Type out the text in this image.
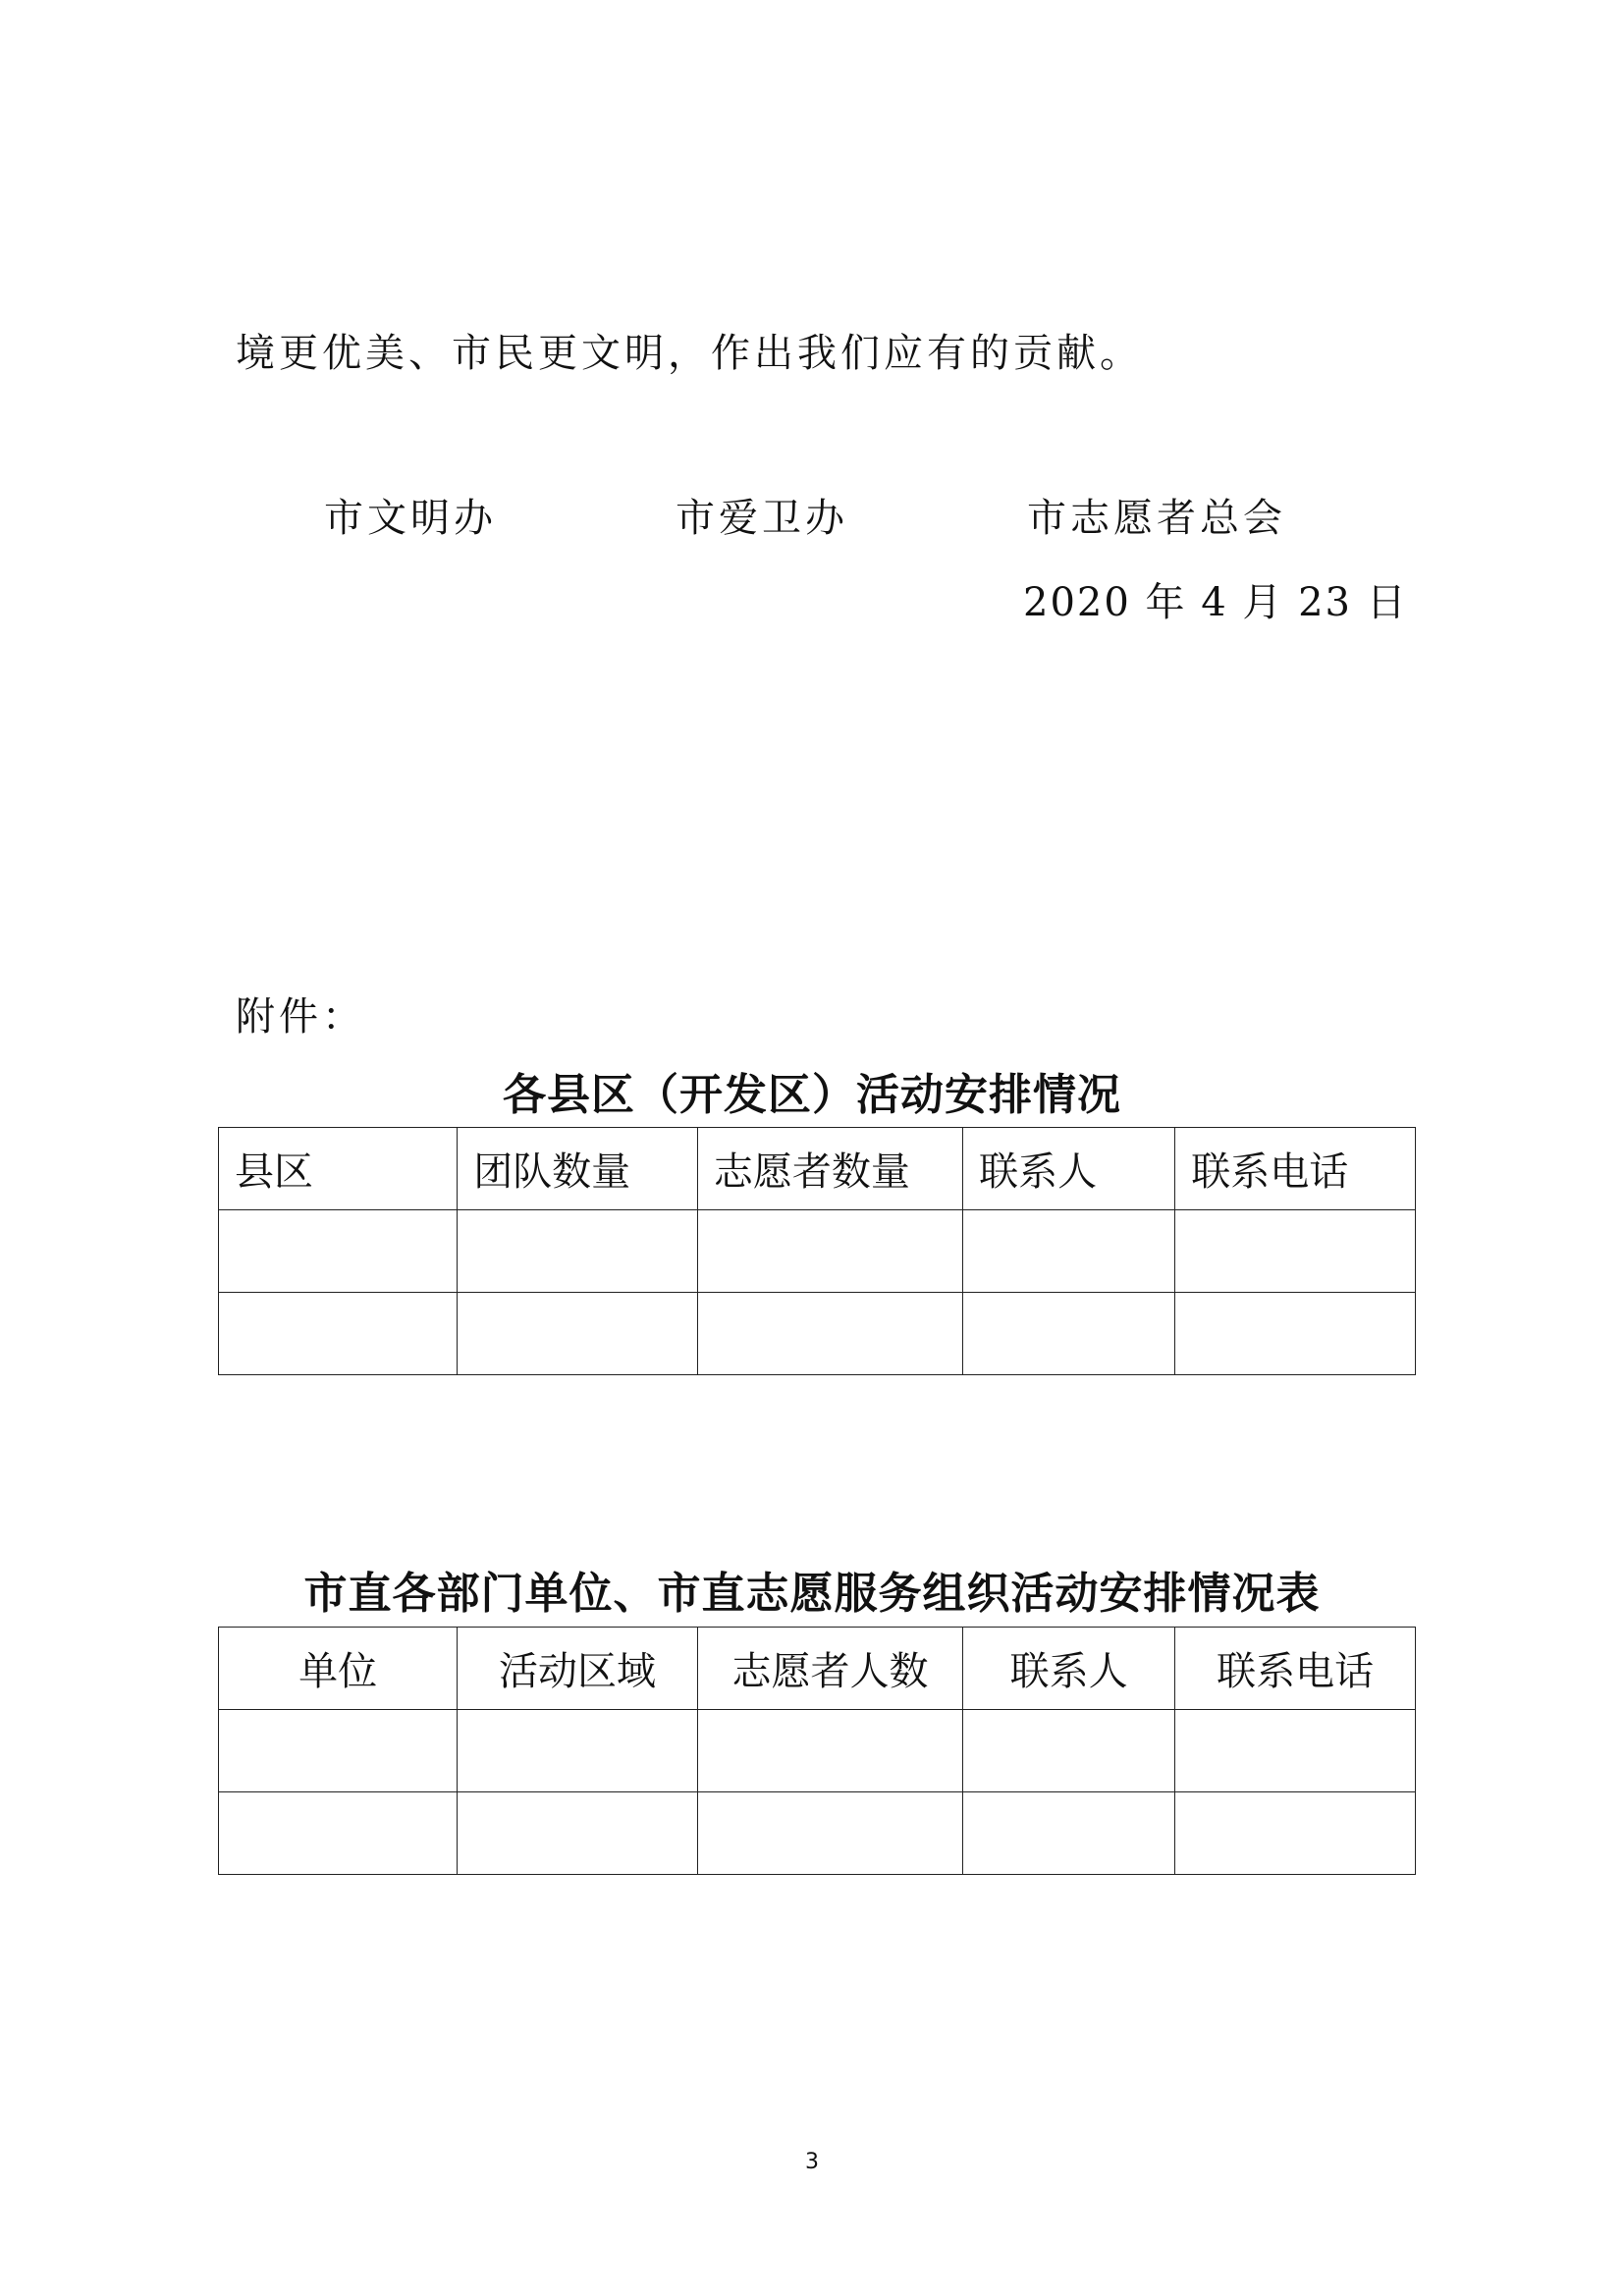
境更优美、市民更文明，作出我们应有的贡献。
市文明办	市爱卫办	市志愿者总会
2020 年 4 月 23 日
附件：
各县区（开发区）活动安排情况
县区	团队数量	志愿者数量	联系人	联系电话

市直各部门单位、市直志愿服务组织活动安排情况表
单位	活动区域	志愿者人数	联系人	联系电话

3
